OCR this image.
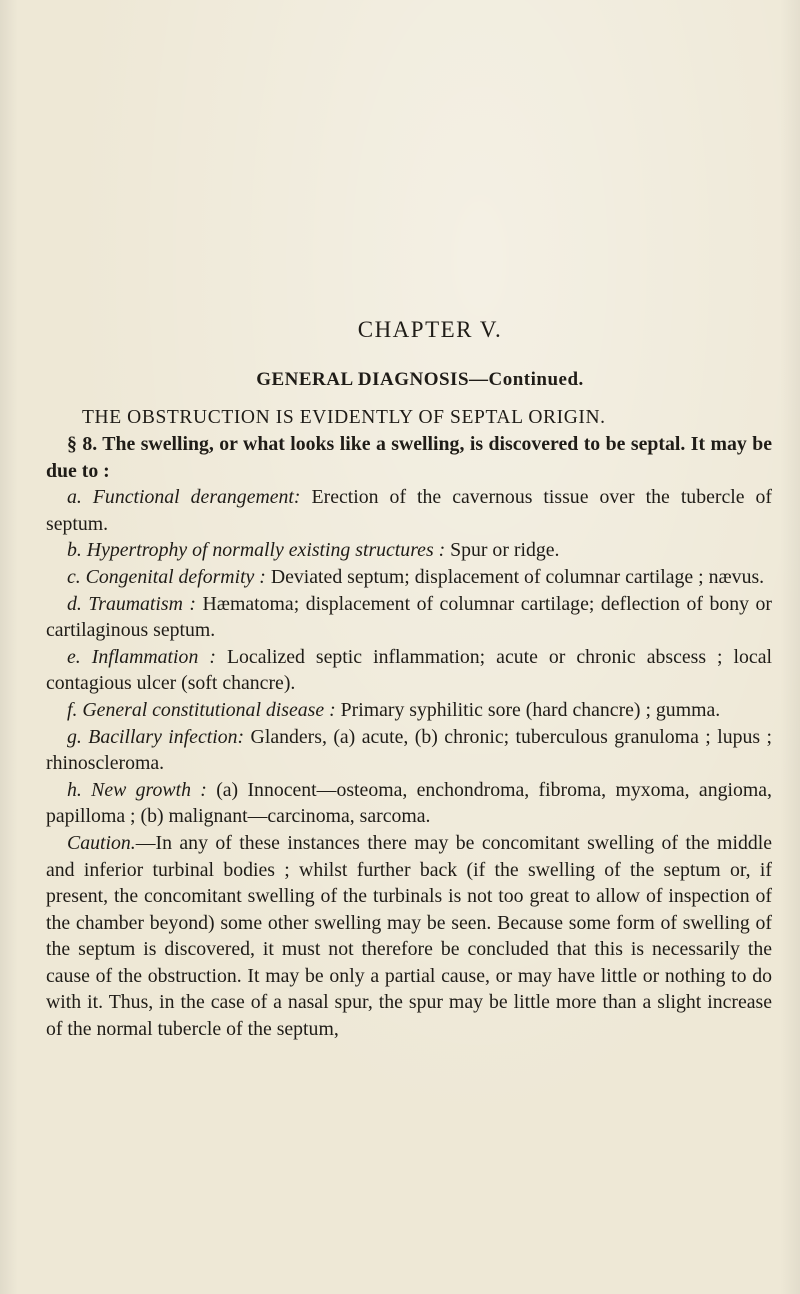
CHAPTER V.
GENERAL DIAGNOSIS—Continued.
THE OBSTRUCTION IS EVIDENTLY OF SEPTAL ORIGIN.

§ 8. The swelling, or what looks like a swelling, is discovered to be septal. It may be due to :

a. Functional derangement: Erection of the cavernous tissue over the tubercle of septum.

b. Hypertrophy of normally existing structures : Spur or ridge.

c. Congenital deformity : Deviated septum; displacement of columnar cartilage ; nævus.

d. Traumatism : Hæmatoma; displacement of columnar cartilage; deflection of bony or cartilaginous septum.

e. Inflammation : Localized septic inflammation; acute or chronic abscess ; local contagious ulcer (soft chancre).

f. General constitutional disease : Primary syphilitic sore (hard chancre) ; gumma.

g. Bacillary infection: Glanders, (a) acute, (b) chronic; tuberculous granuloma ; lupus ; rhinoscleroma.

h. New growth : (a) Innocent—osteoma, enchondroma, fibroma, myxoma, angioma, papilloma ; (b) malignant—carcinoma, sarcoma.

Caution.—In any of these instances there may be concomitant swelling of the middle and inferior turbinal bodies ; whilst further back (if the swelling of the septum or, if present, the concomitant swelling of the turbinals is not too great to allow of inspection of the chamber beyond) some other swelling may be seen. Because some form of swelling of the septum is discovered, it must not therefore be concluded that this is necessarily the cause of the obstruction. It may be only a partial cause, or may have little or nothing to do with it. Thus, in the case of a nasal spur, the spur may be little more than a slight increase of the normal tubercle of the septum,
